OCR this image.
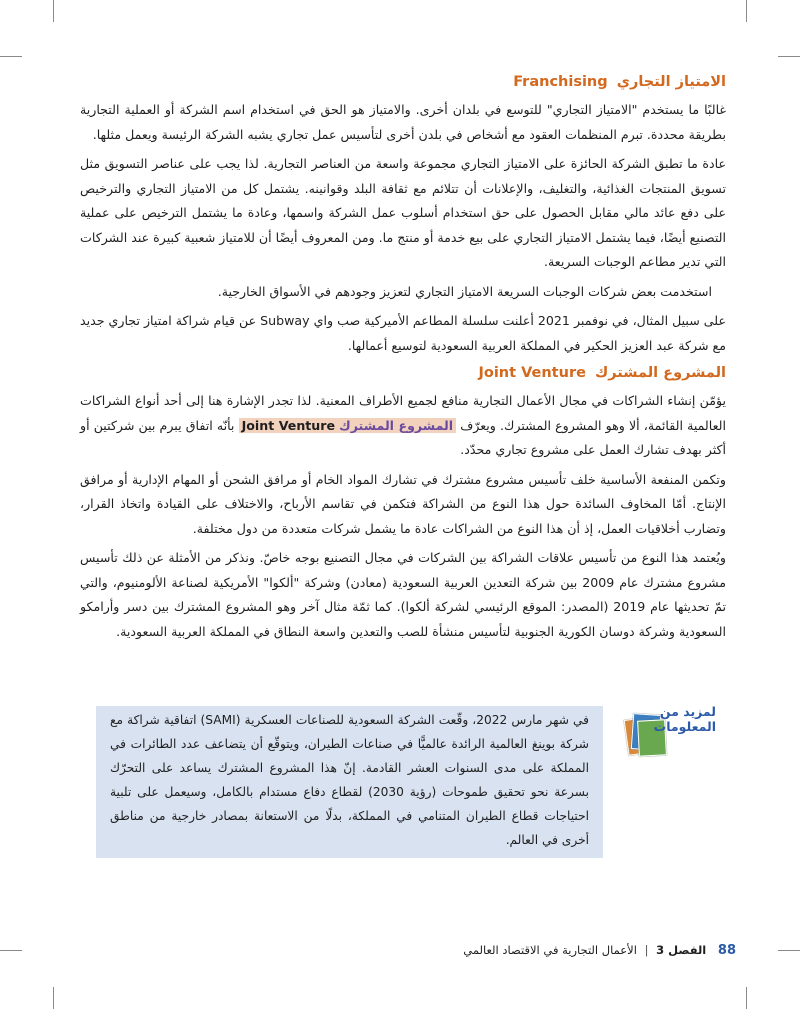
الامتياز التجاري Franchising

غالبًا ما يستخدم "الامتياز التجاري" للتوسع في بلدان أخرى. والامتياز هو الحق في استخدام اسم الشركة أو العملية التجارية بطريقة محددة. تبرم المنظمات العقود مع أشخاص في بلدن أخرى لتأسيس عمل تجاري يشبه الشركة الرئيسة ويعمل مثلها.

عادة ما تطبق الشركة الحائزة على الامتياز التجاري مجموعة واسعة من العناصر التجارية. لذا يجب على عناصر التسويق مثل تسويق المنتجات الغذائية، والتغليف، والإعلانات أن تتلائم مع ثقافة البلد وقوانينه. يشتمل كل من الامتياز التجاري والترخيص على دفع عائد مالي مقابل الحصول على حق استخدام أسلوب عمل الشركة واسمها، وعادة ما يشتمل الترخيص على عملية التصنيع أيضًا، فيما يشتمل الامتياز التجاري على بيع خدمة أو منتج ما. ومن المعروف أيضًا أن للامتياز شعبية كبيرة عند الشركات التي تدير مطاعم الوجبات السريعة.

استخدمت بعض شركات الوجبات السريعة الامتياز التجاري لتعزيز وجودهم في الأسواق الخارجية.

على سبيل المثال، في نوفمبر 2021 أعلنت سلسلة المطاعم الأميركية صب واي Subway عن قيام شراكة امتياز تجاري جديد مع شركة عبد العزيز الحكير في المملكة العربية السعودية لتوسيع أعمالها.

المشروع المشترك Joint Venture

يؤمّن إنشاء الشراكات في مجال الأعمال التجارية منافع لجميع الأطراف المعنية. لذا تجدر الإشارة هنا إلى أحد أنواع الشراكات العالمية القائمة، ألا وهو المشروع المشترك. ويعرّف المشروع المشترك Joint Venture بأنّه اتفاق يبرم بين شركتين أو أكثر بهدف تشارك العمل على مشروع تجاري محدّد.

وتكمن المنفعة الأساسية خلف تأسيس مشروع مشترك في تشارك المواد الخام أو مرافق الشحن أو المهام الإدارية أو مرافق الإنتاج. أمّا المخاوف السائدة حول هذا النوع من الشراكة فتكمن في تقاسم الأرباح، والاختلاف على القيادة واتخاذ القرار، وتضارب أخلاقيات العمل، إذ أن هذا النوع من الشراكات عادة ما يشمل شركات متعددة من دول مختلفة.

ويُعتمد هذا النوع من تأسيس علاقات الشراكة بين الشركات في مجال التصنيع بوجه خاصّ. ونذكر من الأمثلة عن ذلك تأسيس مشروع مشترك عام 2009 بين شركة التعدين العربية السعودية (معادن) وشركة "ألكوا" الأمريكية لصناعة الألومنيوم، والتي تمّ تحديثها عام 2019 (المصدر: الموقع الرئيسي لشركة ألكوا). كما ثمّة مثال آخر وهو المشروع المشترك بين دسر وأرامكو السعودية وشركة دوسان الكورية الجنوبية لتأسيس منشأة للصب والتعدين واسعة النطاق في المملكة العربية السعودية.

لمزيد من المعلومات
في شهر مارس 2022، وقّعت الشركة السعودية للصناعات العسكرية (SAMI) اتفاقية شراكة مع شركة بوينغ العالمية الرائدة عالميًّا في صناعات الطيران، ويتوقّع أن يتضاعف عدد الطائرات في المملكة على مدى السنوات العشر القادمة. إنّ هذا المشروع المشترك يساعد على التحرّك بسرعة نحو تحقيق طموحات (رؤية 2030) لقطاع دفاع مستدام بالكامل، وسيعمل على تلبية احتياجات قطاع الطيران المتنامي في المملكة، بدلًا من الاستعانة بمصادر خارجية من مناطق أخرى في العالم.
88 الفصل 3 | الأعمال التجارية في الاقتصاد العالمي
